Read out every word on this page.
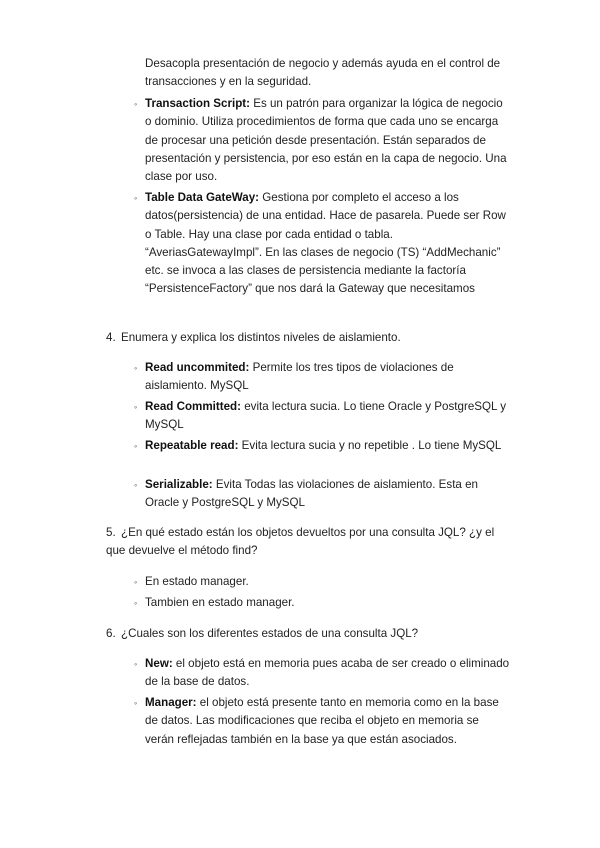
Desacopla presentación de negocio y además ayuda en el control de transacciones y en la seguridad.

◦ Transaction Script: Es un patrón para organizar la lógica de negocio o dominio. Utiliza procedimientos de forma que cada uno se encarga de procesar una petición desde presentación. Están separados de presentación y persistencia, por eso están en la capa de negocio. Una clase por uso.

◦ Table Data GateWay: Gestiona por completo el acceso a los datos(persistencia) de una entidad. Hace de pasarela. Puede ser Row o Table. Hay una clase por cada entidad o tabla. “AveriasGatewayImpl”. En las clases de negocio (TS) “AddMechanic” etc. se invoca a las clases de persistencia mediante la factoría “PersistenceFactory” que nos dará la Gateway que necesitamos

4. Enumera y explica los distintos niveles de aislamiento.

◦ Read uncommited: Permite los tres tipos de violaciones de aislamiento. MySQL

◦ Read Committed: evita lectura sucia. Lo tiene Oracle y PostgreSQL y MySQL

◦ Repeatable read: Evita lectura sucia y no repetible . Lo tiene MySQL

◦ Serializable: Evita Todas las violaciones de aislamiento. Esta en Oracle y PostgreSQL y MySQL

5. ¿En qué estado están los objetos devueltos por una consulta JQL? ¿y el que devuelve el método find?

◦ En estado manager.

◦ Tambien en estado manager.

6. ¿Cuales son los diferentes estados de una consulta JQL?

◦ New: el objeto está en memoria pues acaba de ser creado o eliminado de la base de datos.

◦ Manager: el objeto está presente tanto en memoria como en la base de datos. Las modificaciones que reciba el objeto en memoria se verán reflejadas también en la base ya que están asociados.
